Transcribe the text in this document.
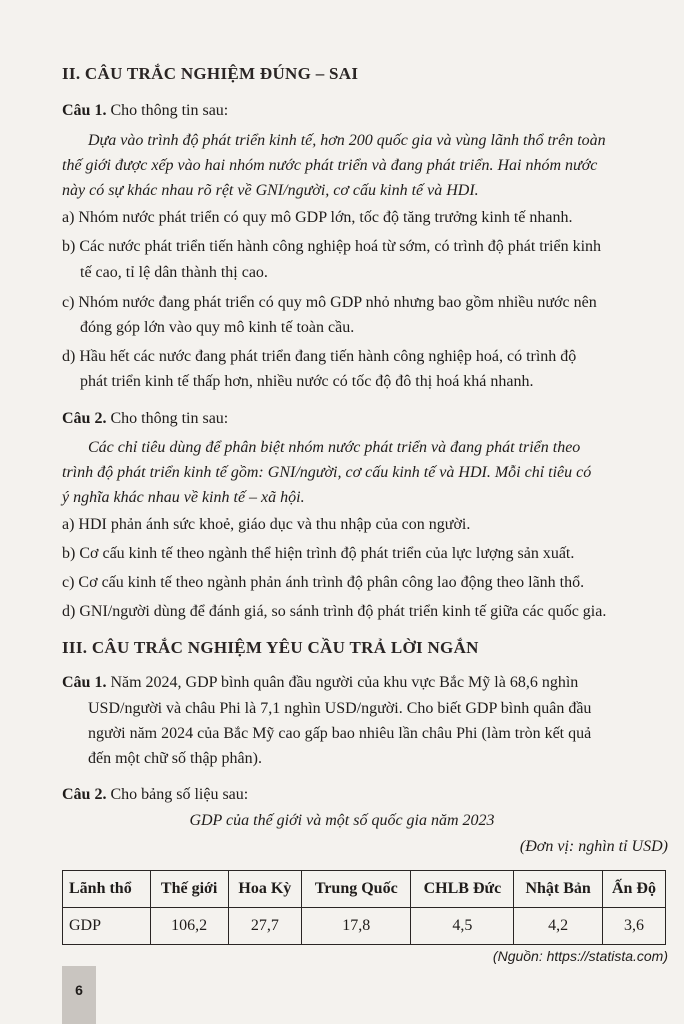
II. CÂU TRẮC NGHIỆM ĐÚNG – SAI
Câu 1. Cho thông tin sau:
Dựa vào trình độ phát triển kinh tế, hơn 200 quốc gia và vùng lãnh thổ trên toàn
thế giới được xếp vào hai nhóm nước phát triển và đang phát triển. Hai nhóm nước
này có sự khác nhau rõ rệt về GNI/người, cơ cấu kinh tế và HDI.
a) Nhóm nước phát triển có quy mô GDP lớn, tốc độ tăng trưởng kinh tế nhanh.
b) Các nước phát triển tiến hành công nghiệp hoá từ sớm, có trình độ phát triển kinh
tế cao, tỉ lệ dân thành thị cao.
c) Nhóm nước đang phát triển có quy mô GDP nhỏ nhưng bao gồm nhiều nước nên
đóng góp lớn vào quy mô kinh tế toàn cầu.
d) Hầu hết các nước đang phát triển đang tiến hành công nghiệp hoá, có trình độ
phát triển kinh tế thấp hơn, nhiều nước có tốc độ đô thị hoá khá nhanh.
Câu 2. Cho thông tin sau:
Các chỉ tiêu dùng để phân biệt nhóm nước phát triển và đang phát triển theo
trình độ phát triển kinh tế gồm: GNI/người, cơ cấu kinh tế và HDI. Mỗi chỉ tiêu có
ý nghĩa khác nhau về kinh tế – xã hội.
a) HDI phản ánh sức khoẻ, giáo dục và thu nhập của con người.
b) Cơ cấu kinh tế theo ngành thể hiện trình độ phát triển của lực lượng sản xuất.
c) Cơ cấu kinh tế theo ngành phản ánh trình độ phân công lao động theo lãnh thổ.
d) GNI/người dùng để đánh giá, so sánh trình độ phát triển kinh tế giữa các quốc gia.
III. CÂU TRẮC NGHIỆM YÊU CẦU TRẢ LỜI NGẮN
Câu 1. Năm 2024, GDP bình quân đầu người của khu vực Bắc Mỹ là 68,6 nghìn
USD/người và châu Phi là 7,1 nghìn USD/người. Cho biết GDP bình quân đầu
người năm 2024 của Bắc Mỹ cao gấp bao nhiêu lần châu Phi (làm tròn kết quả
đến một chữ số thập phân).
Câu 2. Cho bảng số liệu sau:
GDP của thế giới và một số quốc gia năm 2023
(Đơn vị: nghìn tỉ USD)
Lãnh thổ	Thế giới	Hoa Kỳ	Trung Quốc	CHLB Đức	Nhật Bản	Ấn Độ
GDP	106,2	27,7	17,8	4,5	4,2	3,6
(Nguồn: https://statista.com)
6
